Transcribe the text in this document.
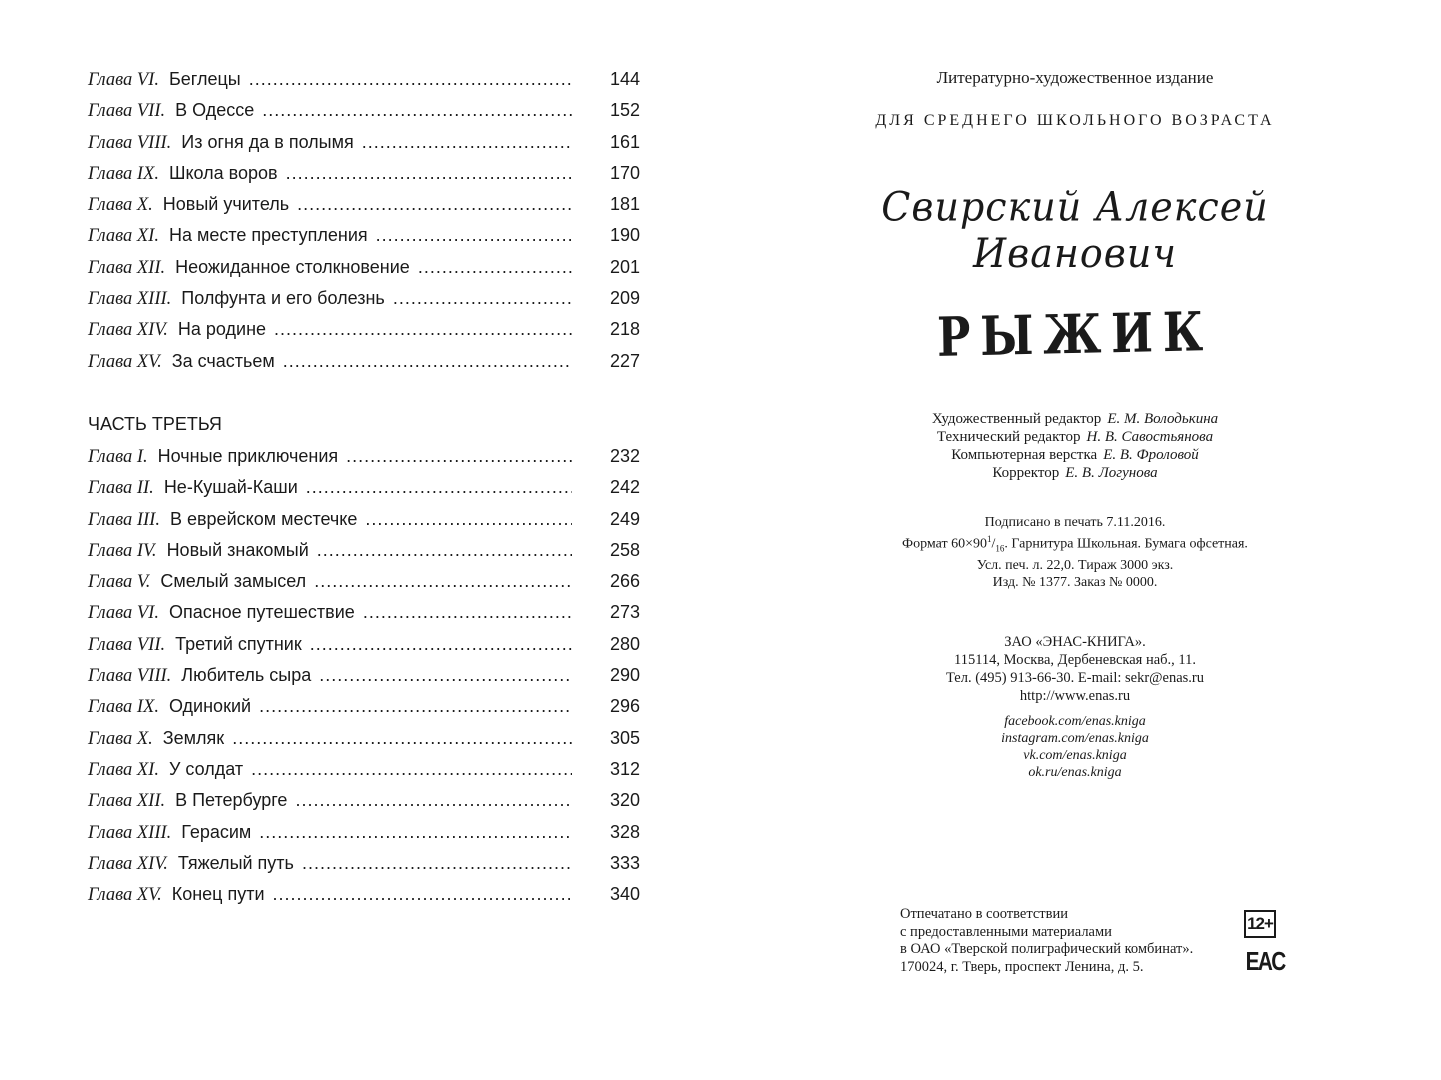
Глава VI. Беглецы .....	144
Глава VII. В Одессе .....	152
Глава VIII. Из огня да в полымя .....	161
Глава IX. Школа воров .....	170
Глава X. Новый учитель .....	181
Глава XI. На месте преступления .....	190
Глава XII. Неожиданное столкновение .....	201
Глава XIII. Полфунта и его болезнь .....	209
Глава XIV. На родине .....	218
Глава XV. За счастьем .....	227
ЧАСТЬ ТРЕТЬЯ
Глава I. Ночные приключения .....	232
Глава II. Не-Кушай-Каши .....	242
Глава III. В еврейском местечке .....	249
Глава IV. Новый знакомый .....	258
Глава V. Смелый замысел .....	266
Глава VI. Опасное путешествие .....	273
Глава VII. Третий спутник .....	280
Глава VIII. Любитель сыра .....	290
Глава IX. Одинокий .....	296
Глава X. Земляк .....	305
Глава XI. У солдат .....	312
Глава XII. В Петербурге .....	320
Глава XIII. Герасим .....	328
Глава XIV. Тяжелый путь .....	333
Глава XV. Конец пути .....	340
Литературно-художественное издание
ДЛЯ СРЕДНЕГО ШКОЛЬНОГО ВОЗРАСТА
Свирский Алексей Иванович
РЫЖИК
Художественный редактор Е. М. Володькина
Технический редактор Н. В. Савостьянова
Компьютерная верстка Е. В. Фроловой
Корректор Е. В. Логунова
Подписано в печать 7.11.2016.
Формат $60\times 90^1/_{16}$. Гарнитура Школьная. Бумага офсетная.
Усл. печ. л. 22,0. Тираж 3000 экз.
Изд. № 1377. Заказ № 0000.
ЗАО «ЭНАС-КНИГА».
115114, Москва, Дербеневская наб., 11.
Тел. (495) 913-66-30. E-mail: sekr@enas.ru
http://www.enas.ru
facebook.com/enas.kniga
instagram.com/enas.kniga
vk.com/enas.kniga
ok.ru/enas.kniga
Отпечатано в соответствии
с предоставленными материалами
в ОАО «Тверской полиграфический комбинат».
170024, г. Тверь, проспект Ленина, д. 5.
12+
EAC
